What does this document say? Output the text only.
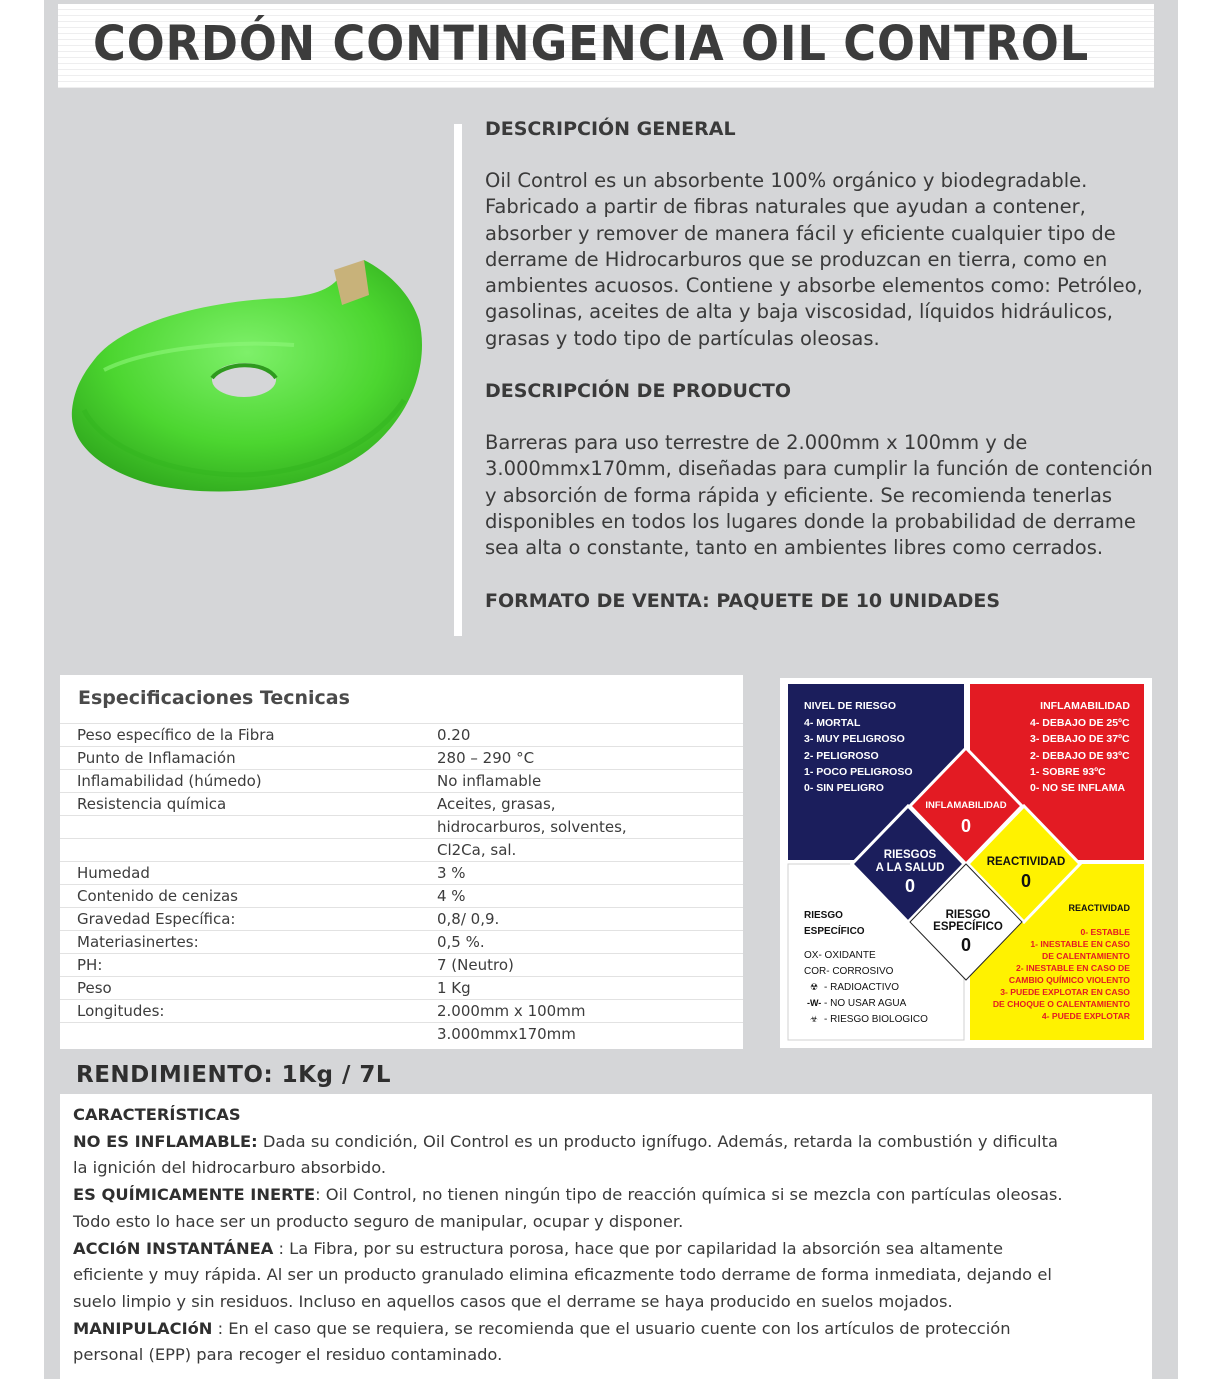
CORDÓN CONTINGENCIA OIL CONTROL
DESCRIPCIÓN GENERAL

Oil Control es un absorbente 100% orgánico y biodegradable. Fabricado a partir de fibras naturales que ayudan a contener, absorber y remover de manera fácil y eficiente cualquier tipo de derrame de Hidrocarburos que se produzcan en tierra, como en ambientes acuosos. Contiene y absorbe elementos como: Petróleo, gasolinas, aceites de alta y baja viscosidad, líquidos hidráulicos, grasas y todo tipo de partículas oleosas.

DESCRIPCIÓN DE PRODUCTO

Barreras para uso terrestre de 2.000mm x 100mm y de 3.000mmx170mm, diseñadas para cumplir la función de contención y absorción de forma rápida y eficiente. Se recomienda tenerlas disponibles en todos los lugares donde la probabilidad de derrame sea alta o constante, tanto en ambientes libres como cerrados.

FORMATO DE VENTA: PAQUETE DE 10 UNIDADES
Especificaciones Tecnicas
Peso específico de la Fibra	0.20
Punto de Inflamación	280 – 290 °C
Inflamabilidad (húmedo)	No inflamable
Resistencia química	Aceites, grasas,
	hidrocarburos, solventes,
	Cl2Ca, sal.
Humedad	3 %
Contenido de cenizas	4 %
Gravedad Específica:	0,8/ 0,9.
Materiasinertes:	0,5 %.
PH:	7 (Neutro)
Peso	1 Kg
Longitudes:	2.000mm x 100mm
	3.000mmx170mm
NIVEL DE RIESGO
4- MORTAL
3- MUY PELIGROSO
2- PELIGROSO
1- POCO PELIGROSO
0- SIN PELIGRO
INFLAMABILIDAD
4- DEBAJO DE 25ºC
3- DEBAJO DE 37ºC
2- DEBAJO DE 93ºC
1- SOBRE 93ºC
0- NO SE INFLAMA
INFLAMABILIDAD
0
RIESGOS
A LA SALUD
0
REACTIVIDAD
0
RIESGO
ESPECÍFICO
0
RIESGO
ESPECÍFICO
OX- OXIDANTE
COR- CORROSIVO
☢ - RADIOACTIVO
-W- - NO USAR AGUA
☣ - RIESGO BIOLOGICO
REACTIVIDAD
0- ESTABLE
1- INESTABLE EN CASO
DE CALENTAMIENTO
2- INESTABLE EN CASO DE
CAMBIO QUÍMICO VIOLENTO
3- PUEDE EXPLOTAR EN CASO
DE CHOQUE O CALENTAMIENTO
4- PUEDE EXPLOTAR
RENDIMIENTO: 1Kg / 7L
CARACTERÍSTICAS
NO ES INFLAMABLE: Dada su condición, Oil Control es un producto ignífugo. Además, retarda la combustión y dificulta la ignición del hidrocarburo absorbido.
ES QUÍMICAMENTE INERTE: Oil Control, no tienen ningún tipo de reacción química si se mezcla con partículas oleosas. Todo esto lo hace ser un producto seguro de manipular, ocupar y disponer.
ACCIóN INSTANTÁNEA : La Fibra, por su estructura porosa, hace que por capilaridad la absorción sea altamente eficiente y muy rápida. Al ser un producto granulado elimina eficazmente todo derrame de forma inmediata, dejando el suelo limpio y sin residuos. Incluso en aquellos casos que el derrame se haya producido en suelos mojados. MANIPULACIóN : En el caso que se requiera, se recomienda que el usuario cuente con los artículos de protección personal (EPP) para recoger el residuo contaminado.
